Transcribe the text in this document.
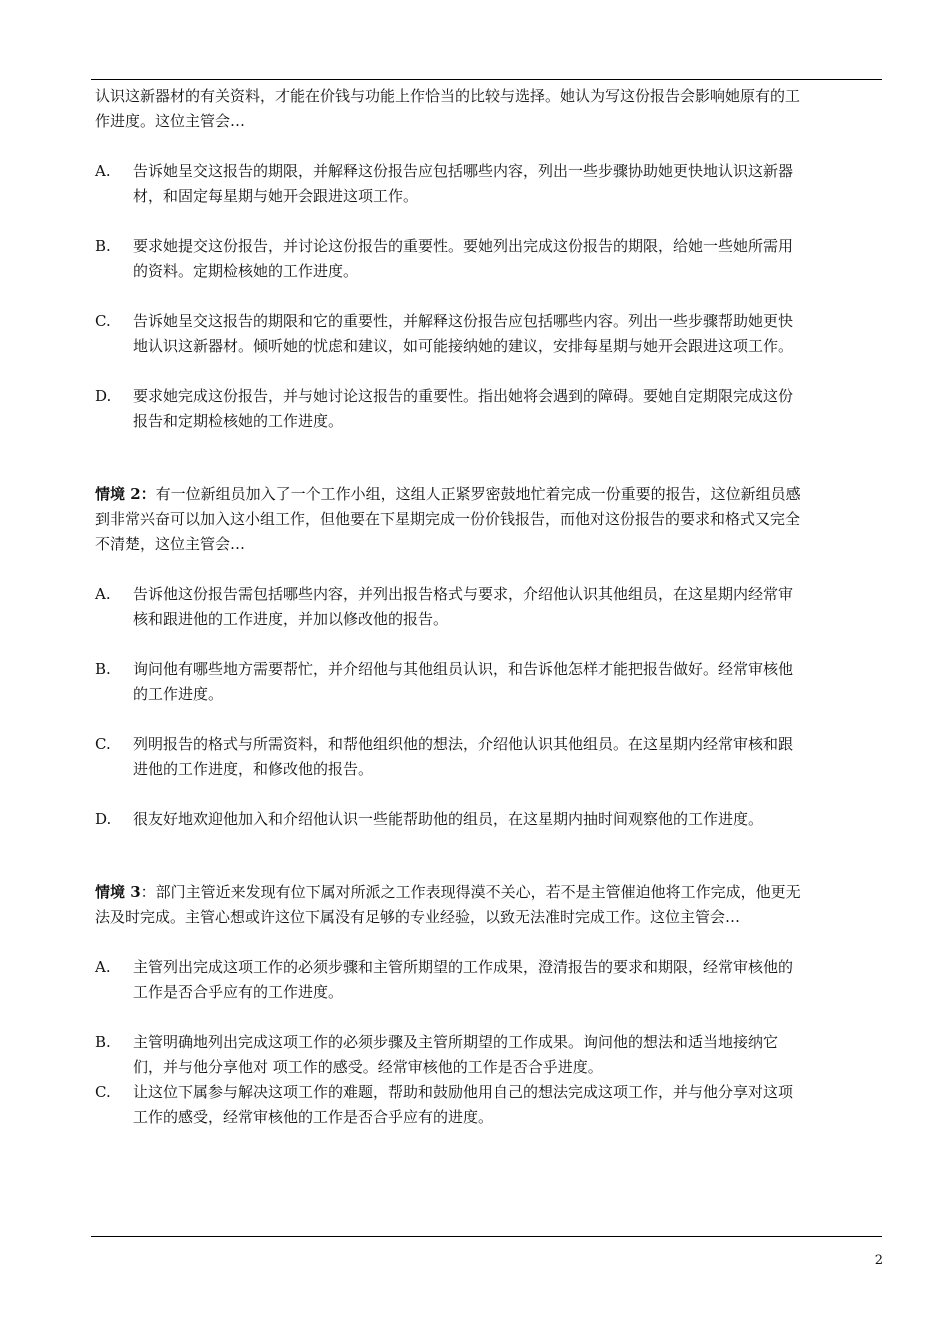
认识这新器材的有关资料，才能在价钱与功能上作恰当的比较与选择。她认为写这份报告会影响她原有的工作进度。这位主管会…

A. 告诉她呈交这报告的期限，并解释这份报告应包括哪些内容，列出一些步骤协助她更快地认识这新器材，和固定每星期与她开会跟进这项工作。

B. 要求她提交这份报告，并讨论这份报告的重要性。要她列出完成这份报告的期限，给她一些她所需用的资料。定期检核她的工作进度。

C. 告诉她呈交这报告的期限和它的重要性，并解释这份报告应包括哪些内容。列出一些步骤帮助她更快地认识这新器材。倾听她的忧虑和建议，如可能接纳她的建议，安排每星期与她开会跟进这项工作。

D. 要求她完成这份报告，并与她讨论这报告的重要性。指出她将会遇到的障碍。要她自定期限完成这份报告和定期检核她的工作进度。

情境 2：有一位新组员加入了一个工作小组，这组人正紧罗密鼓地忙着完成一份重要的报告，这位新组员感到非常兴奋可以加入这小组工作，但他要在下星期完成一份价钱报告，而他对这份报告的要求和格式又完全不清楚，这位主管会…

A. 告诉他这份报告需包括哪些内容，并列出报告格式与要求，介绍他认识其他组员，在这星期内经常审核和跟进他的工作进度，并加以修改他的报告。

B. 询问他有哪些地方需要帮忙，并介绍他与其他组员认识，和告诉他怎样才能把报告做好。经常审核他的工作进度。

C. 列明报告的格式与所需资料，和帮他组织他的想法，介绍他认识其他组员。在这星期内经常审核和跟进他的工作进度，和修改他的报告。

D. 很友好地欢迎他加入和介绍他认识一些能帮助他的组员，在这星期内抽时间观察他的工作进度。

情境 3：部门主管近来发现有位下属对所派之工作表现得漠不关心，若不是主管催迫他将工作完成，他更无法及时完成。主管心想或许这位下属没有足够的专业经验，以致无法准时完成工作。这位主管会…

A. 主管列出完成这项工作的必须步骤和主管所期望的工作成果，澄清报告的要求和期限，经常审核他的工作是否合乎应有的工作进度。

B. 主管明确地列出完成这项工作的必须步骤及主管所期望的工作成果。询问他的想法和适当地接纳它们，并与他分享他对 项工作的感受。经常审核他的工作是否合乎进度。

C. 让这位下属参与解决这项工作的难题，帮助和鼓励他用自己的想法完成这项工作，并与他分享对这项工作的感受，经常审核他的工作是否合乎应有的进度。

2
